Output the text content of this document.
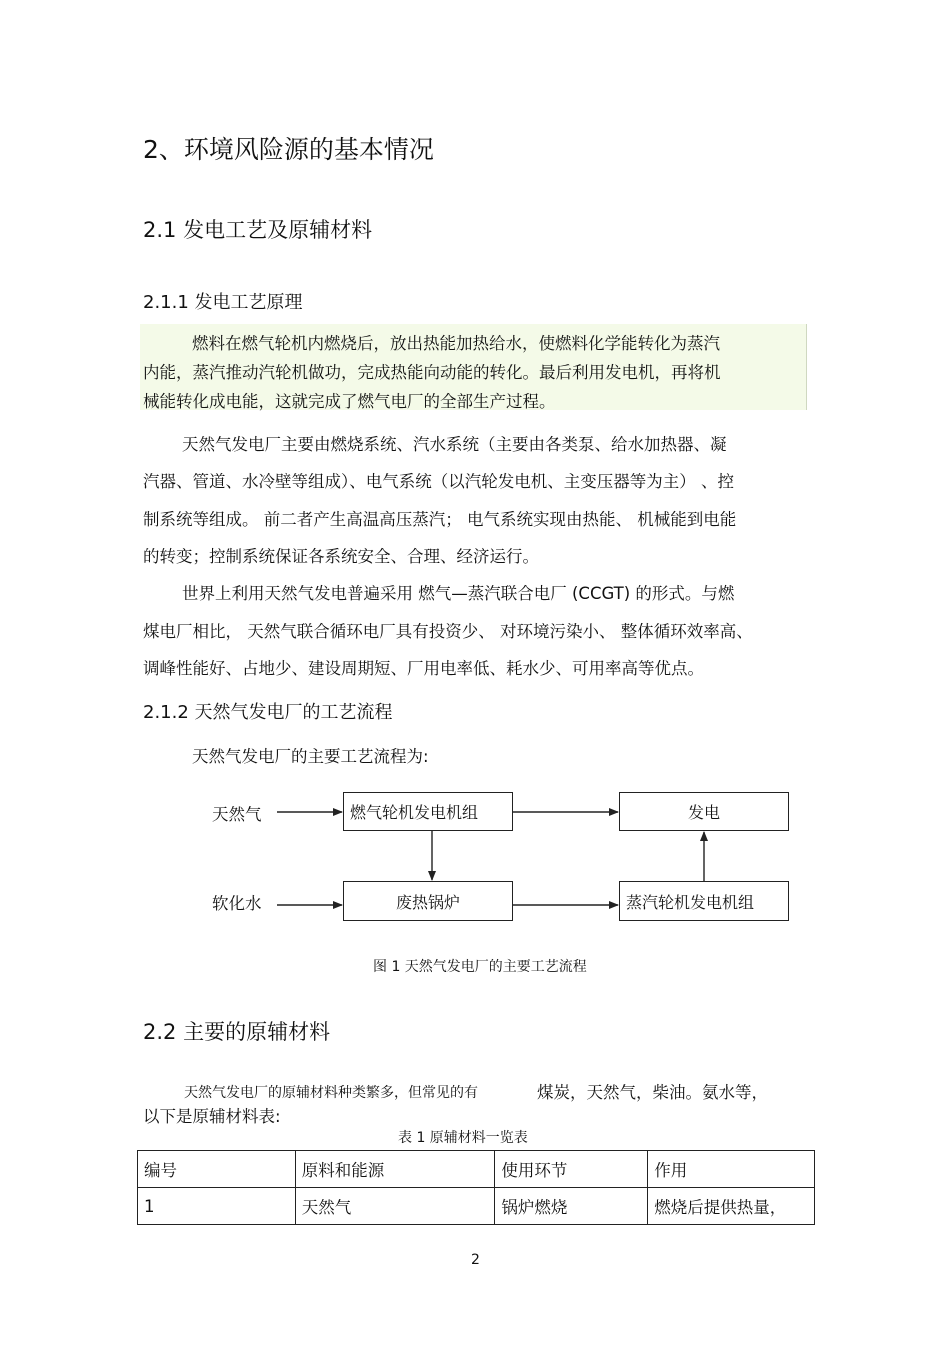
2、环境风险源的基本情况
2.1 发电工艺及原辅材料
2.1.1 发电工艺原理
燃料在燃气轮机内燃烧后，放出热能加热给水，使燃料化学能转化为蒸汽
内能，蒸汽推动汽轮机做功，完成热能向动能的转化。最后利用发电机，再将机
械能转化成电能，这就完成了燃气电厂的全部生产过程。
天然气发电厂主要由燃烧系统、汽水系统（主要由各类泵、给水加热器、凝
汽器、管道、水冷壁等组成）、电气系统（以汽轮发电机、主变压器等为主） 、控
制系统等组成。 前二者产生高温高压蒸汽； 电气系统实现由热能、 机械能到电能
的转变；控制系统保证各系统安全、合理、经济运行。
世界上利用天然气发电普遍采用 燃气—蒸汽联合电厂 (CCGT) 的形式。与燃
煤电厂相比， 天然气联合循环电厂具有投资少、 对环境污染小、 整体循环效率高、
调峰性能好、占地少、建设周期短、厂用电率低、耗水少、可用率高等优点。
2.1.2 天然气发电厂的工艺流程
天然气发电厂的主要工艺流程为:
天然气
软化水
燃气轮机发电机组	发电
废热锅炉	蒸汽轮机发电机组
图 1 天然气发电厂的主要工艺流程
2.2 主要的原辅材料
天然气发电厂的原辅材料种类繁多，但常见的有	煤炭，天然气，柴油。氨水等，
以下是原辅材料表:
表 1 原辅材料一览表
编号	原料和能源	使用环节	作用
1	天然气	锅炉燃烧	燃烧后提供热量，
2
